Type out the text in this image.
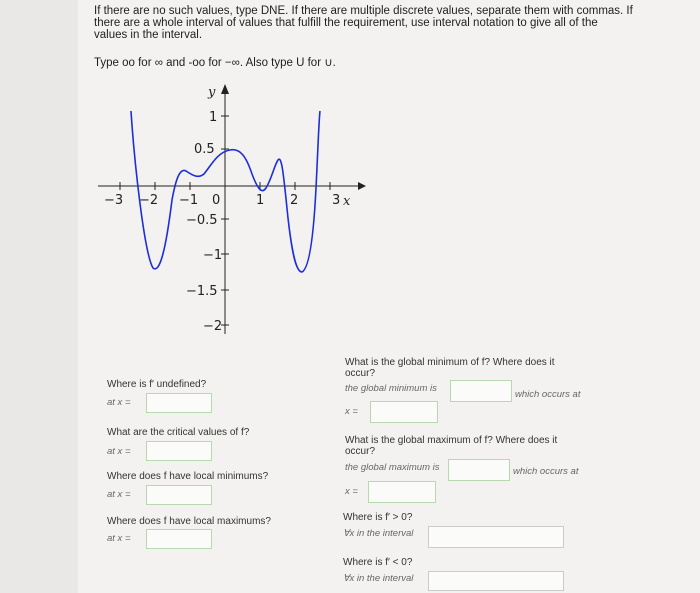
If there are no such values, type DNE. If there are multiple discrete values, separate them with commas. If
there are a whole interval of values that fulfill the requirement, use interval notation to give all of the
values in the interval.
Type oo for ∞ and -oo for −∞. Also type U for ∪.
y
x
−3 −2 −1 0	1 2	3
1
0.5
−0.5
−1
−1.5
−2
Where is f′ undefined?
at x =
What are the critical values of f?
at x =
Where does f have local minimums?
at x =
Where does f have local maximums?
at x =
What is the global minimum of f? Where does it
occur?
the global minimum is
which occurs at
x =
What is the global maximum of f? Where does it
occur?
the global maximum is	which occurs at
x =
Where is f′ > 0?
∀x in the interval
Where is f′ < 0?
∀x in the interval
